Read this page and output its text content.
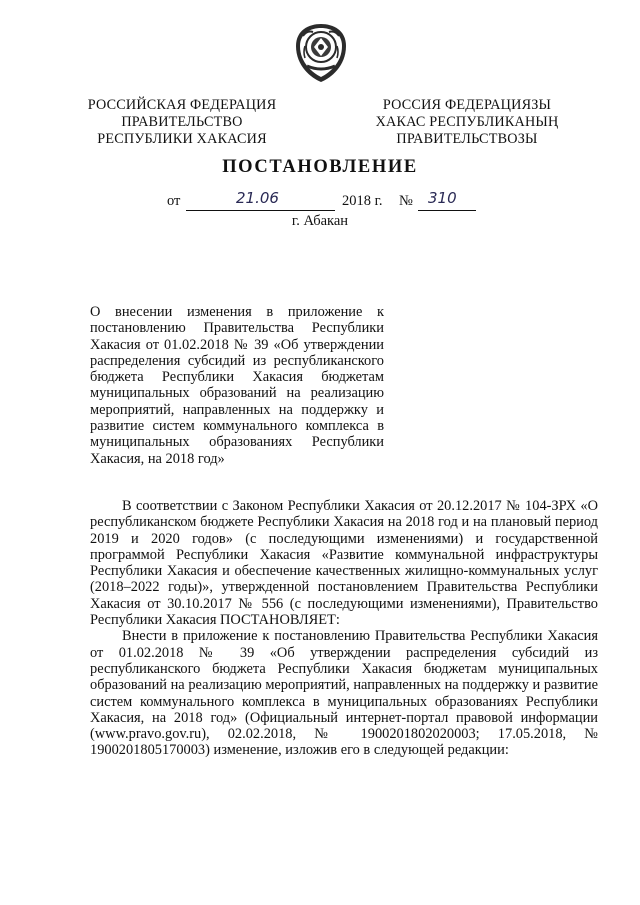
РОССИЙСКАЯ ФЕДЕРАЦИЯ
ПРАВИТЕЛЬСТВО
РЕСПУБЛИКИ ХАКАСИЯ
РОССИЯ ФЕДЕРАЦИЯЗЫ
ХАКАС РЕСПУБЛИКАНЫҢ
ПРАВИТЕЛЬСТВОЗЫ
ПОСТАНОВЛЕНИЕ
от	21.06	2018 г. № 310
г. Абакан
О внесении изменения в приложение к постановлению Правительства Республики Хакасия от 01.02.2018 № 39 «Об утверждении распределения субсидий из республиканского бюджета Республики Хакасия бюджетам муниципальных образований на реализацию мероприятий, направленных на поддержку и развитие систем коммунального комплекса в муниципальных образованиях Республики Хакасия, на 2018 год»

В соответствии с Законом Республики Хакасия от 20.12.2017 № 104-ЗРХ «О республиканском бюджете Республики Хакасия на 2018 год и на плановый период 2019 и 2020 годов» (с последующими изменениями) и государственной программой Республики Хакасия «Развитие коммунальной инфраструктуры Республики Хакасия и обеспечение качественных жилищно-коммунальных услуг (2018–2022 годы)», утвержденной постановлением Правительства Республики Хакасия от 30.10.2017 № 556 (с последующими изменениями), Правительство Республики Хакасия ПОСТАНОВЛЯЕТ:

Внести в приложение к постановлению Правительства Республики Хакасия от 01.02.2018 № 39 «Об утверждении распределения субсидий из республиканского бюджета Республики Хакасия бюджетам муниципальных образований на реализацию мероприятий, направленных на поддержку и развитие систем коммунального комплекса в муниципальных образованиях Республики Хакасия, на 2018 год» (Официальный интернет-портал правовой информации (www.pravo.gov.ru), 02.02.2018, № 1900201802020003; 17.05.2018, № 1900201805170003) изменение, изложив его в следующей редакции:
